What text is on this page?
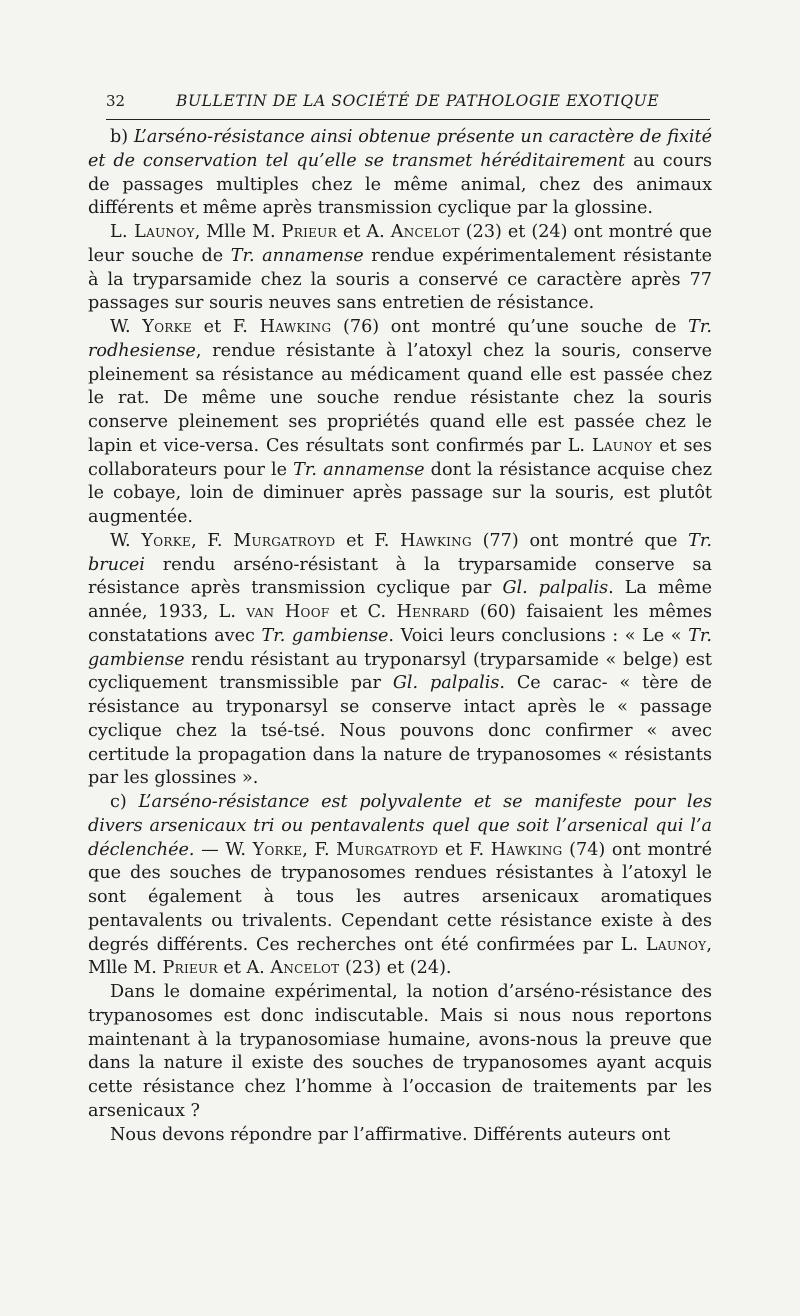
32	BULLETIN DE LA SOCIÉTÉ DE PATHOLOGIE EXOTIQUE

b) L’arséno-résistance ainsi obtenue présente un caractère de fixité et de conservation tel qu’elle se transmet héréditairement au cours de passages multiples chez le même animal, chez des animaux différents et même après transmission cyclique par la glossine.

L. Launoy, Mlle M. Prieur et A. Ancelot (23) et (24) ont montré que leur souche de Tr. annamense rendue expérimentalement résistante à la tryparsamide chez la souris a conservé ce caractère après 77 passages sur souris neuves sans entretien de résistance.

W. Yorke et F. Hawking (76) ont montré qu’une souche de Tr. rodhesiense, rendue résistante à l’atoxyl chez la souris, conserve pleinement sa résistance au médicament quand elle est passée chez le rat. De même une souche rendue résistante chez la souris conserve pleinement ses propriétés quand elle est passée chez le lapin et vice-versa. Ces résultats sont confirmés par L. Launoy et ses collaborateurs pour le Tr. annamense dont la résistance acquise chez le cobaye, loin de diminuer après passage sur la souris, est plutôt augmentée.

W. Yorke, F. Murgatroyd et F. Hawking (77) ont montré que Tr. brucei rendu arséno-résistant à la tryparsamide conserve sa résistance après transmission cyclique par Gl. palpalis. La même année, 1933, L. van Hoof et C. Henrard (60) faisaient les mêmes constatations avec Tr. gambiense. Voici leurs conclusions : « Le « Tr. gambiense rendu résistant au tryponarsyl (tryparsamide « belge) est cycliquement transmissible par Gl. palpalis. Ce carac- « tère de résistance au tryponarsyl se conserve intact après le « passage cyclique chez la tsé-tsé. Nous pouvons donc confirmer « avec certitude la propagation dans la nature de trypanosomes « résistants par les glossines ».

c) L’arséno-résistance est polyvalente et se manifeste pour les divers arsenicaux tri ou pentavalents quel que soit l’arsenical qui l’a déclenchée. — W. Yorke, F. Murgatroyd et F. Hawking (74) ont montré que des souches de trypanosomes rendues résistantes à l’atoxyl le sont également à tous les autres arsenicaux aromatiques pentavalents ou trivalents. Cependant cette résistance existe à des degrés différents. Ces recherches ont été confirmées par L. Launoy, Mlle M. Prieur et A. Ancelot (23) et (24).

Dans le domaine expérimental, la notion d’arséno-résistance des trypanosomes est donc indiscutable. Mais si nous nous reportons maintenant à la trypanosomiase humaine, avons-nous la preuve que dans la nature il existe des souches de trypanosomes ayant acquis cette résistance chez l’homme à l’occasion de traitements par les arsenicaux ?

Nous devons répondre par l’affirmative. Différents auteurs ont
